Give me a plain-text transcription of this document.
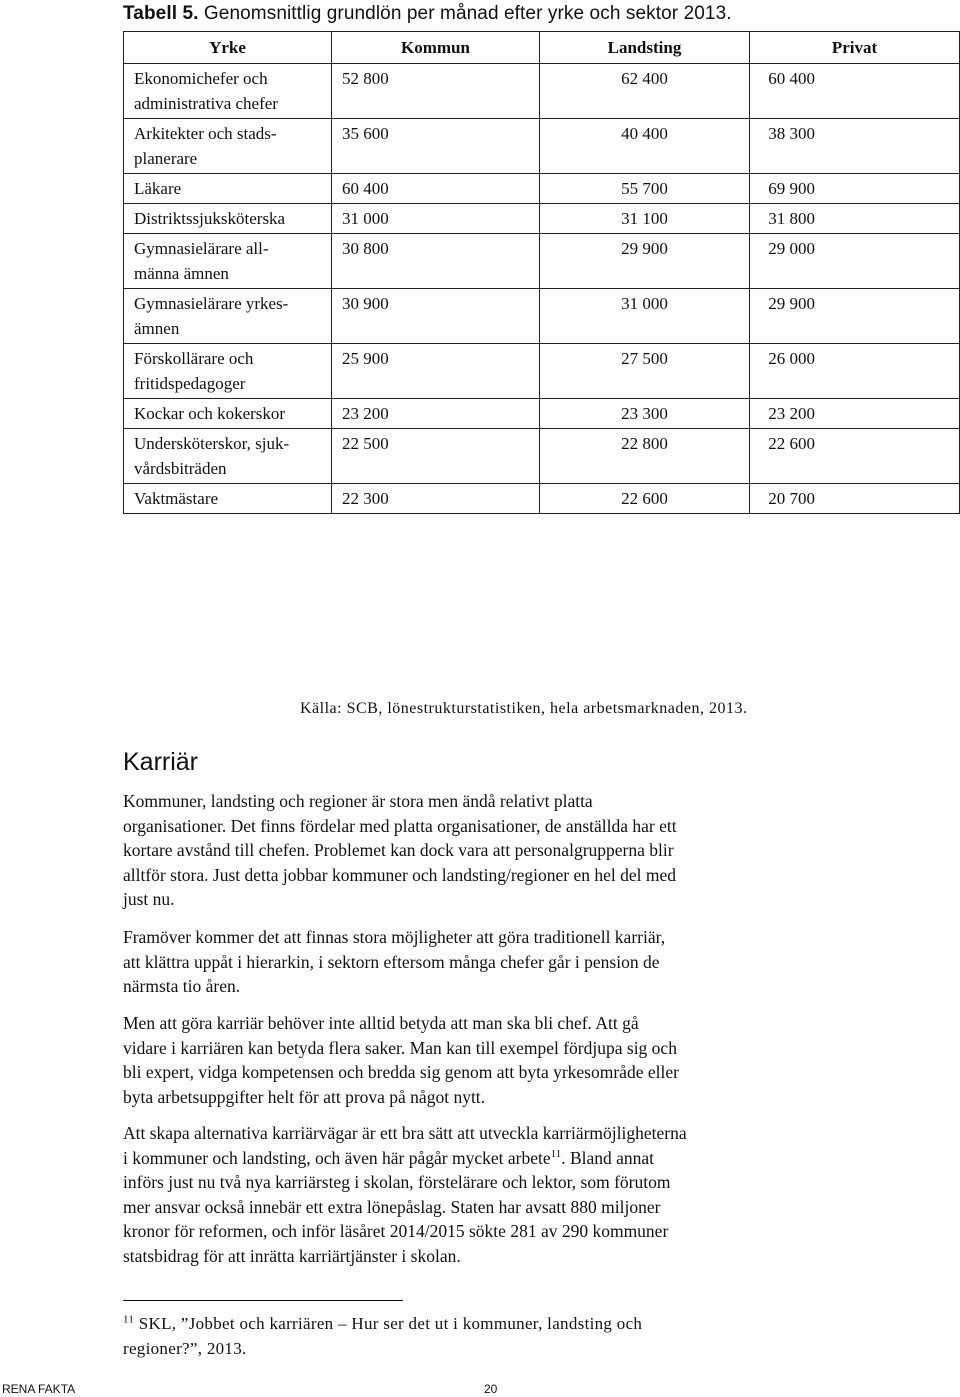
Tabell 5. Genomsnittlig grundlön per månad efter yrke och sektor 2013.

Yrke	Kommun	Landsting	Privat

Ekonomichefer och
administrativa chefer	52 800	62 400	60 400

Arkitekter och stads-
planerare	35 600	40 400	38 300

Läkare	60 400	55 700	69 900

Distriktssjuksköterska	31 000	31 100	31 800

Gymnasielärare all-
männa ämnen	30 800	29 900	29 000

Gymnasielärare yrkes-
ämnen	30 900	31 000	29 900

Förskollärare och
fritidspedagoger	25 900	27 500	26 000

Kockar och kokerskor	23 200	23 300	23 200

Undersköterskor, sjuk-
vårdsbiträden	22 500	22 800	22 600

Vaktmästare	22 300	22 600	20 700

Källa: SCB, lönestrukturstatistiken, hela arbetsmarknaden, 2013.

Karriär

Kommuner, landsting och regioner är stora men ändå relativt platta

organisationer. Det finns fördelar med platta organisationer, de anställda har ett

kortare avstånd till chefen. Problemet kan dock vara att personalgrupperna blir

alltför stora. Just detta jobbar kommuner och landsting/regioner en hel del med

just nu.

Framöver kommer det att finnas stora möjligheter att göra traditionell karriär,

att klättra uppåt i hierarkin, i sektorn eftersom många chefer går i pension de

närmsta tio åren.

Men att göra karriär behöver inte alltid betyda att man ska bli chef. Att gå

vidare i karriären kan betyda flera saker. Man kan till exempel fördjupa sig och

bli expert, vidga kompetensen och bredda sig genom att byta yrkesområde eller

byta arbetsuppgifter helt för att prova på något nytt.

Att skapa alternativa karriärvägar är ett bra sätt att utveckla karriärmöjligheterna

i kommuner och landsting, och även här pågår mycket arbete$^{11}$. Bland annat

införs just nu två nya karriärsteg i skolan, förstelärare och lektor, som förutom

mer ansvar också innebär ett extra lönepåslag. Staten har avsatt 880 miljoner

kronor för reformen, och inför läsåret 2014/2015 sökte 281 av 290 kommuner

statsbidrag för att inrätta karriärtjänster i skolan.

$^{11}$ SKL, ”Jobbet och karriären – Hur ser det ut i kommuner, landsting och
regioner?”, 2013.
RENA FAKTA	20
